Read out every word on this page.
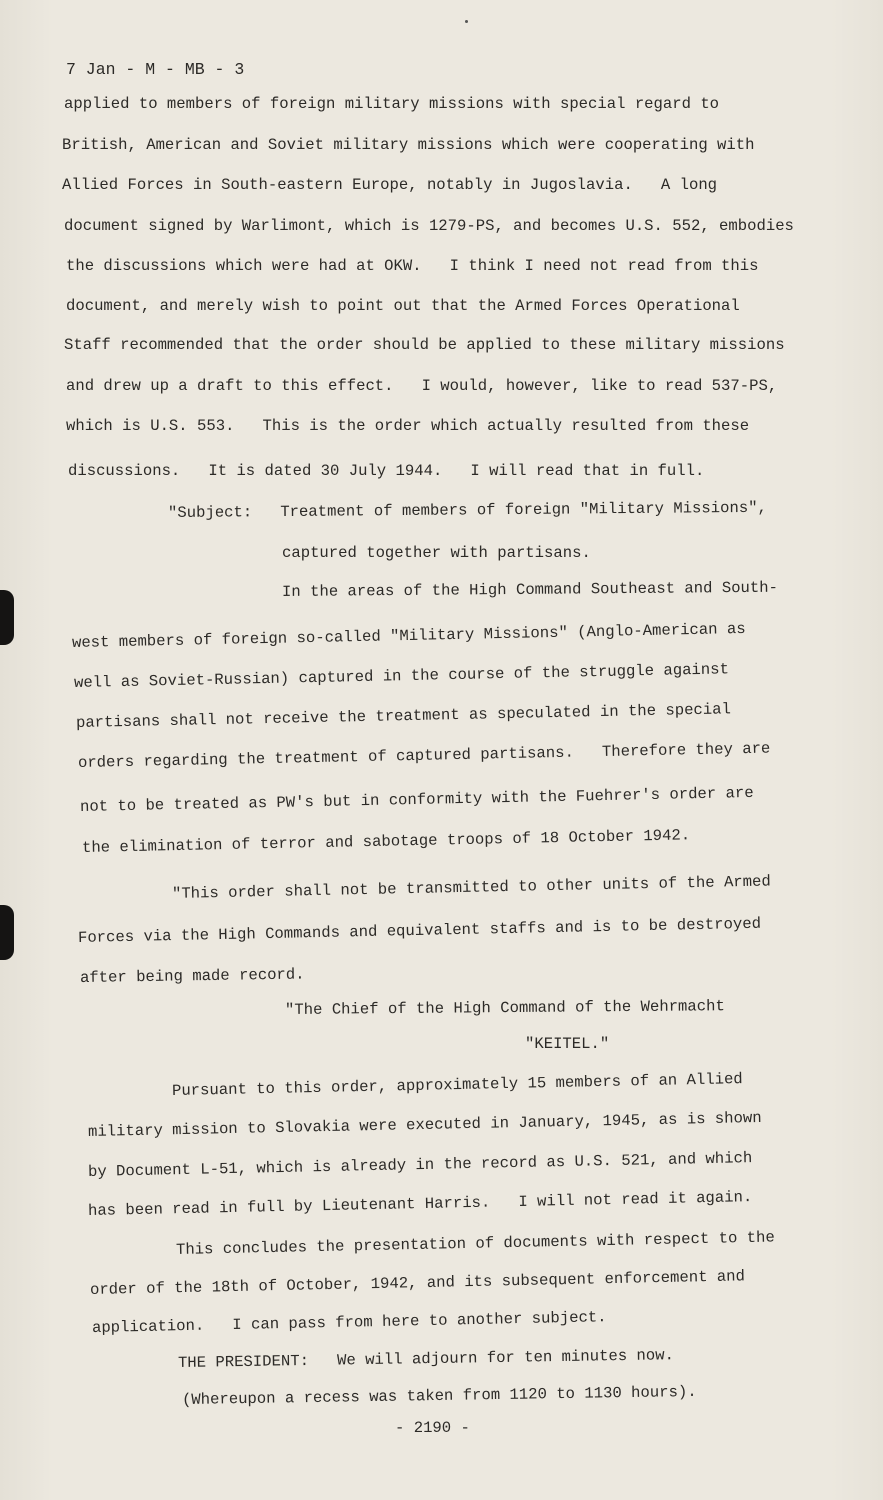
7 Jan - M - MB - 3
applied to members of foreign military missions with special regard to
British, American and Soviet military missions which were cooperating with
Allied Forces in South-eastern Europe, notably in Jugoslavia.   A long
document signed by Warlimont, which is 1279-PS, and becomes U.S. 552, embodies
the discussions which were had at OKW.   I think I need not read from this
document, and merely wish to point out that the Armed Forces Operational
Staff recommended that the order should be applied to these military missions
and drew up a draft to this effect.   I would, however, like to read 537-PS,
which is U.S. 553.   This is the order which actually resulted from these
discussions.   It is dated 30 July 1944.   I will read that in full.
"Subject:   Treatment of members of foreign "Military Missions",
captured together with partisans.
In the areas of the High Command Southeast and South-
west members of foreign so-called "Military Missions" (Anglo-American as
well as Soviet-Russian) captured in the course of the struggle against
partisans shall not receive the treatment as speculated in the special
orders regarding the treatment of captured partisans.   Therefore they are
not to be treated as PW's but in conformity with the Fuehrer's order are
the elimination of terror and sabotage troops of 18 October 1942.
"This order shall not be transmitted to other units of the Armed
Forces via the High Commands and equivalent staffs and is to be destroyed
after being made record.
"The Chief of the High Command of the Wehrmacht
"KEITEL."
Pursuant to this order, approximately 15 members of an Allied
military mission to Slovakia were executed in January, 1945, as is shown
by Document L-51, which is already in the record as U.S. 521, and which
has been read in full by Lieutenant Harris.   I will not read it again.
This concludes the presentation of documents with respect to the
order of the 18th of October, 1942, and its subsequent enforcement and
application.   I can pass from here to another subject.
THE PRESIDENT:   We will adjourn for ten minutes now.
(Whereupon a recess was taken from 1120 to 1130 hours).
- 2190 -
